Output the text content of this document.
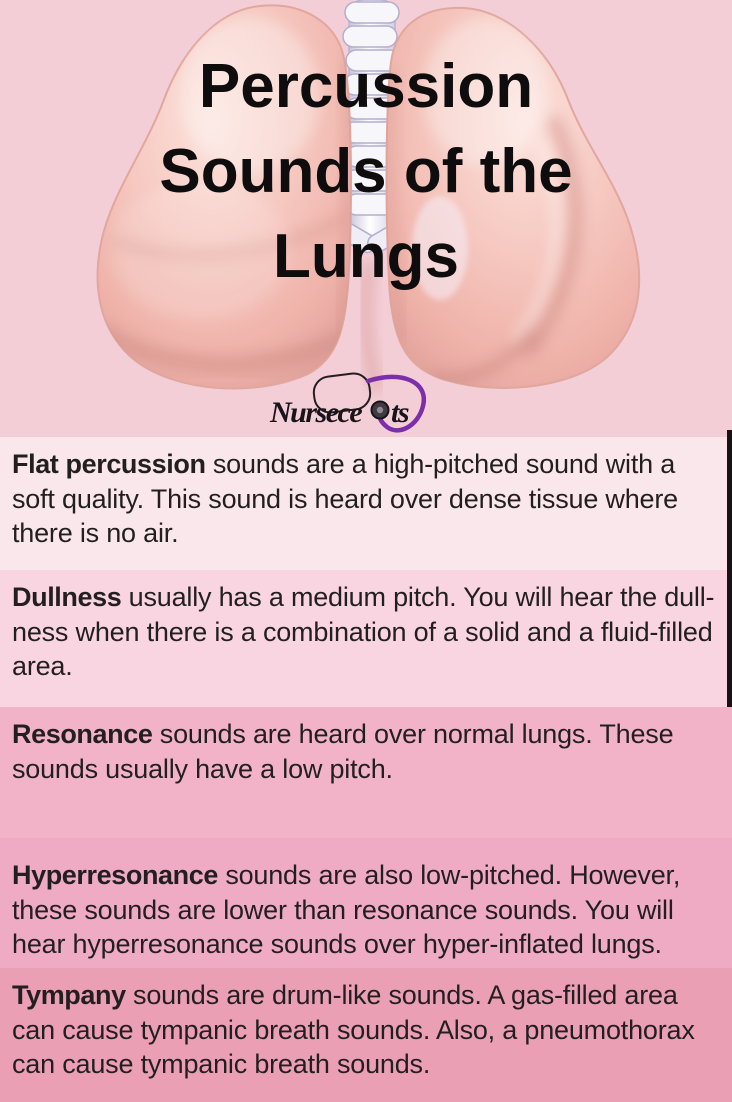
Percussion
Sounds of the
Lungs
Nursece ts
Flat percussion sounds are a high-pitched sound with a soft quality. This sound is heard over dense tissue where there is no air.
Dullness usually has a medium pitch. You will hear the dull-ness when there is a combination of a solid and a fluid-filled area.
Resonance sounds are heard over normal lungs. These sounds usually have a low pitch.
Hyperresonance sounds are also low-pitched. However, these sounds are lower than resonance sounds. You will hear hyperresonance sounds over hyper-inflated lungs.
Tympany sounds are drum-like sounds. A gas-filled area can cause tympanic breath sounds. Also, a pneumothorax can cause tympanic breath sounds.
